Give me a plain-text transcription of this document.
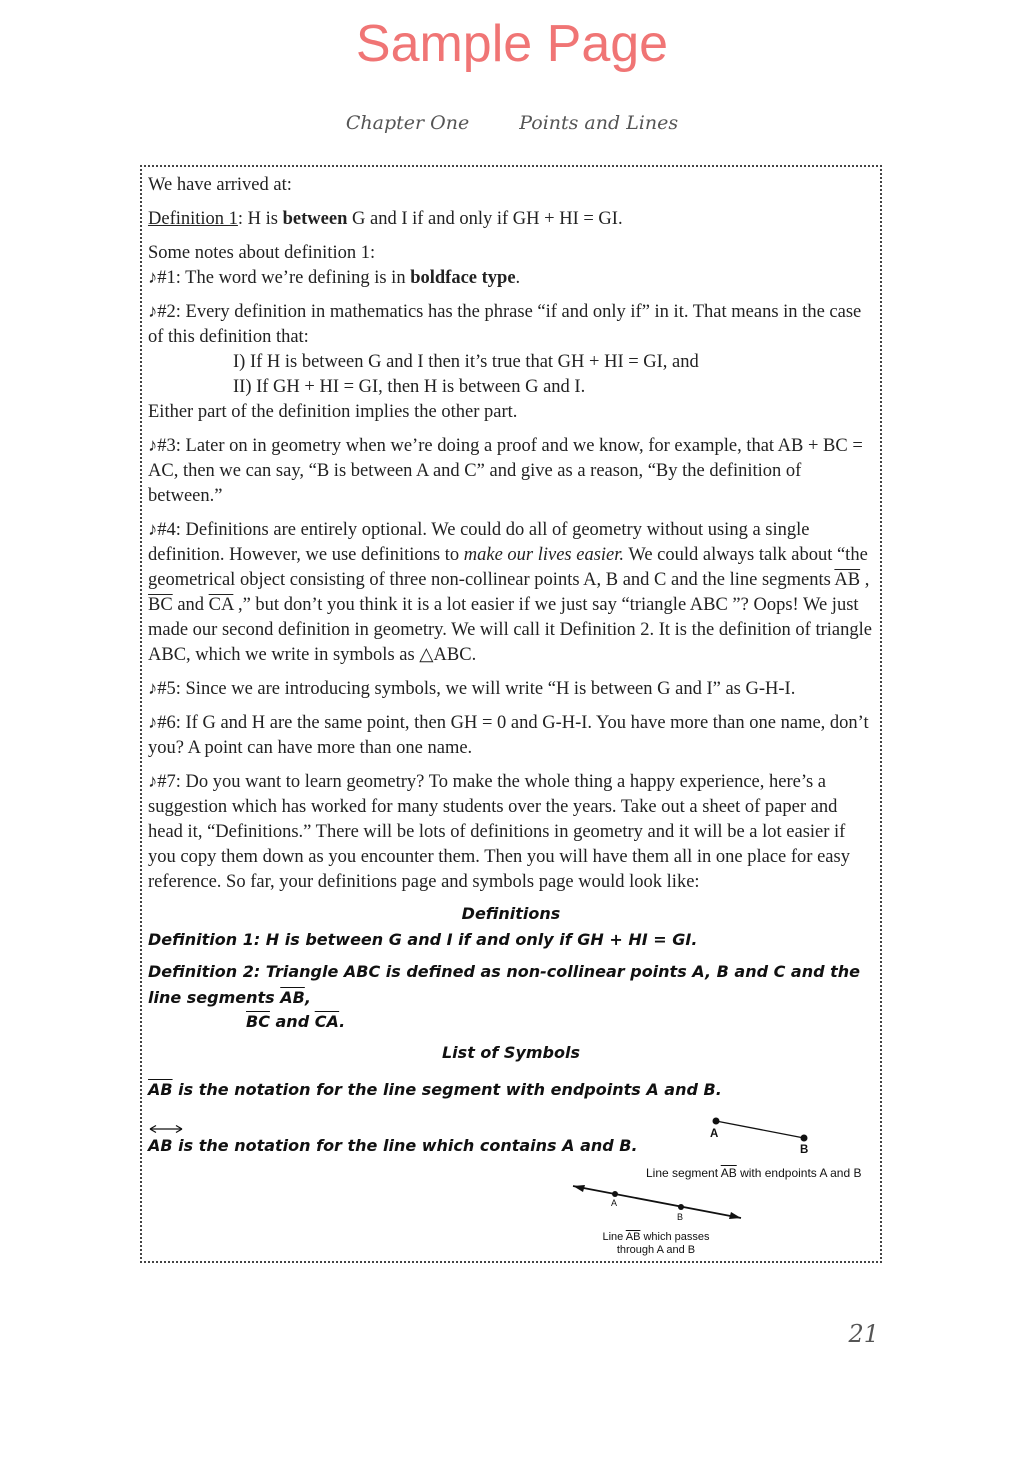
Sample Page
Chapter One	Points and Lines

We have arrived at:

Definition 1: H is between G and I if and only if GH + HI = GI.

Some notes about definition 1:

♪#1: The word we’re defining is in boldface type.

♪#2: Every definition in mathematics has the phrase “if and only if” in it. That means in the case of this definition that:
I) If H is between G and I then it’s true that GH + HI = GI, and
II) If GH + HI = GI, then H is between G and I.
Either part of the definition implies the other part.

♪#3: Later on in geometry when we’re doing a proof and we know, for example, that AB + BC = AC, then we can say, “B is between A and C” and give as a reason, “By the definition of between.”

♪#4: Definitions are entirely optional. We could do all of geometry without using a single definition. However, we use definitions to make our lives easier. We could always talk about “the geometrical object consisting of three non-collinear points A, B and C and the line segments $\overline{AB}$ , $\overline{BC}$ and $\overline{CA}$ ,” but don’t you think it is a lot easier if we just say “triangle ABC ”? Oops! We just made our second definition in geometry. We will call it Definition 2. It is the definition of triangle ABC, which we write in symbols as △ABC.

♪#5: Since we are introducing symbols, we will write “H is between G and I” as G-H-I.

♪#6: If G and H are the same point, then GH = 0 and G-H-I. You have more than one name, don’t you? A point can have more than one name.

♪#7: Do you want to learn geometry? To make the whole thing a happy experience, here’s a suggestion which has worked for many students over the years. Take out a sheet of paper and head it, “Definitions.” There will be lots of definitions in geometry and it will be a lot easier if you copy them down as you encounter them. Then you will have them all in one place for easy reference. So far, your definitions page and symbols page would look like:

Definitions
Definition 1: H is between G and I if and only if GH + HI = GI.
Definition 2: Triangle ABC is defined as non-collinear points A, B and C and the line segments $\overline{AB}$,
$\overline{BC}$ and $\overline{CA}$.
List of Symbols
$\overline{AB}$ is the notation for the line segment with endpoints A and B.
AB is the notation for the line which contains A and B.
A
B
Line segment $\overline{AB}$ with endpoints A and B
A
B
Line $\overline{AB}$ which passes
through A and B
21
